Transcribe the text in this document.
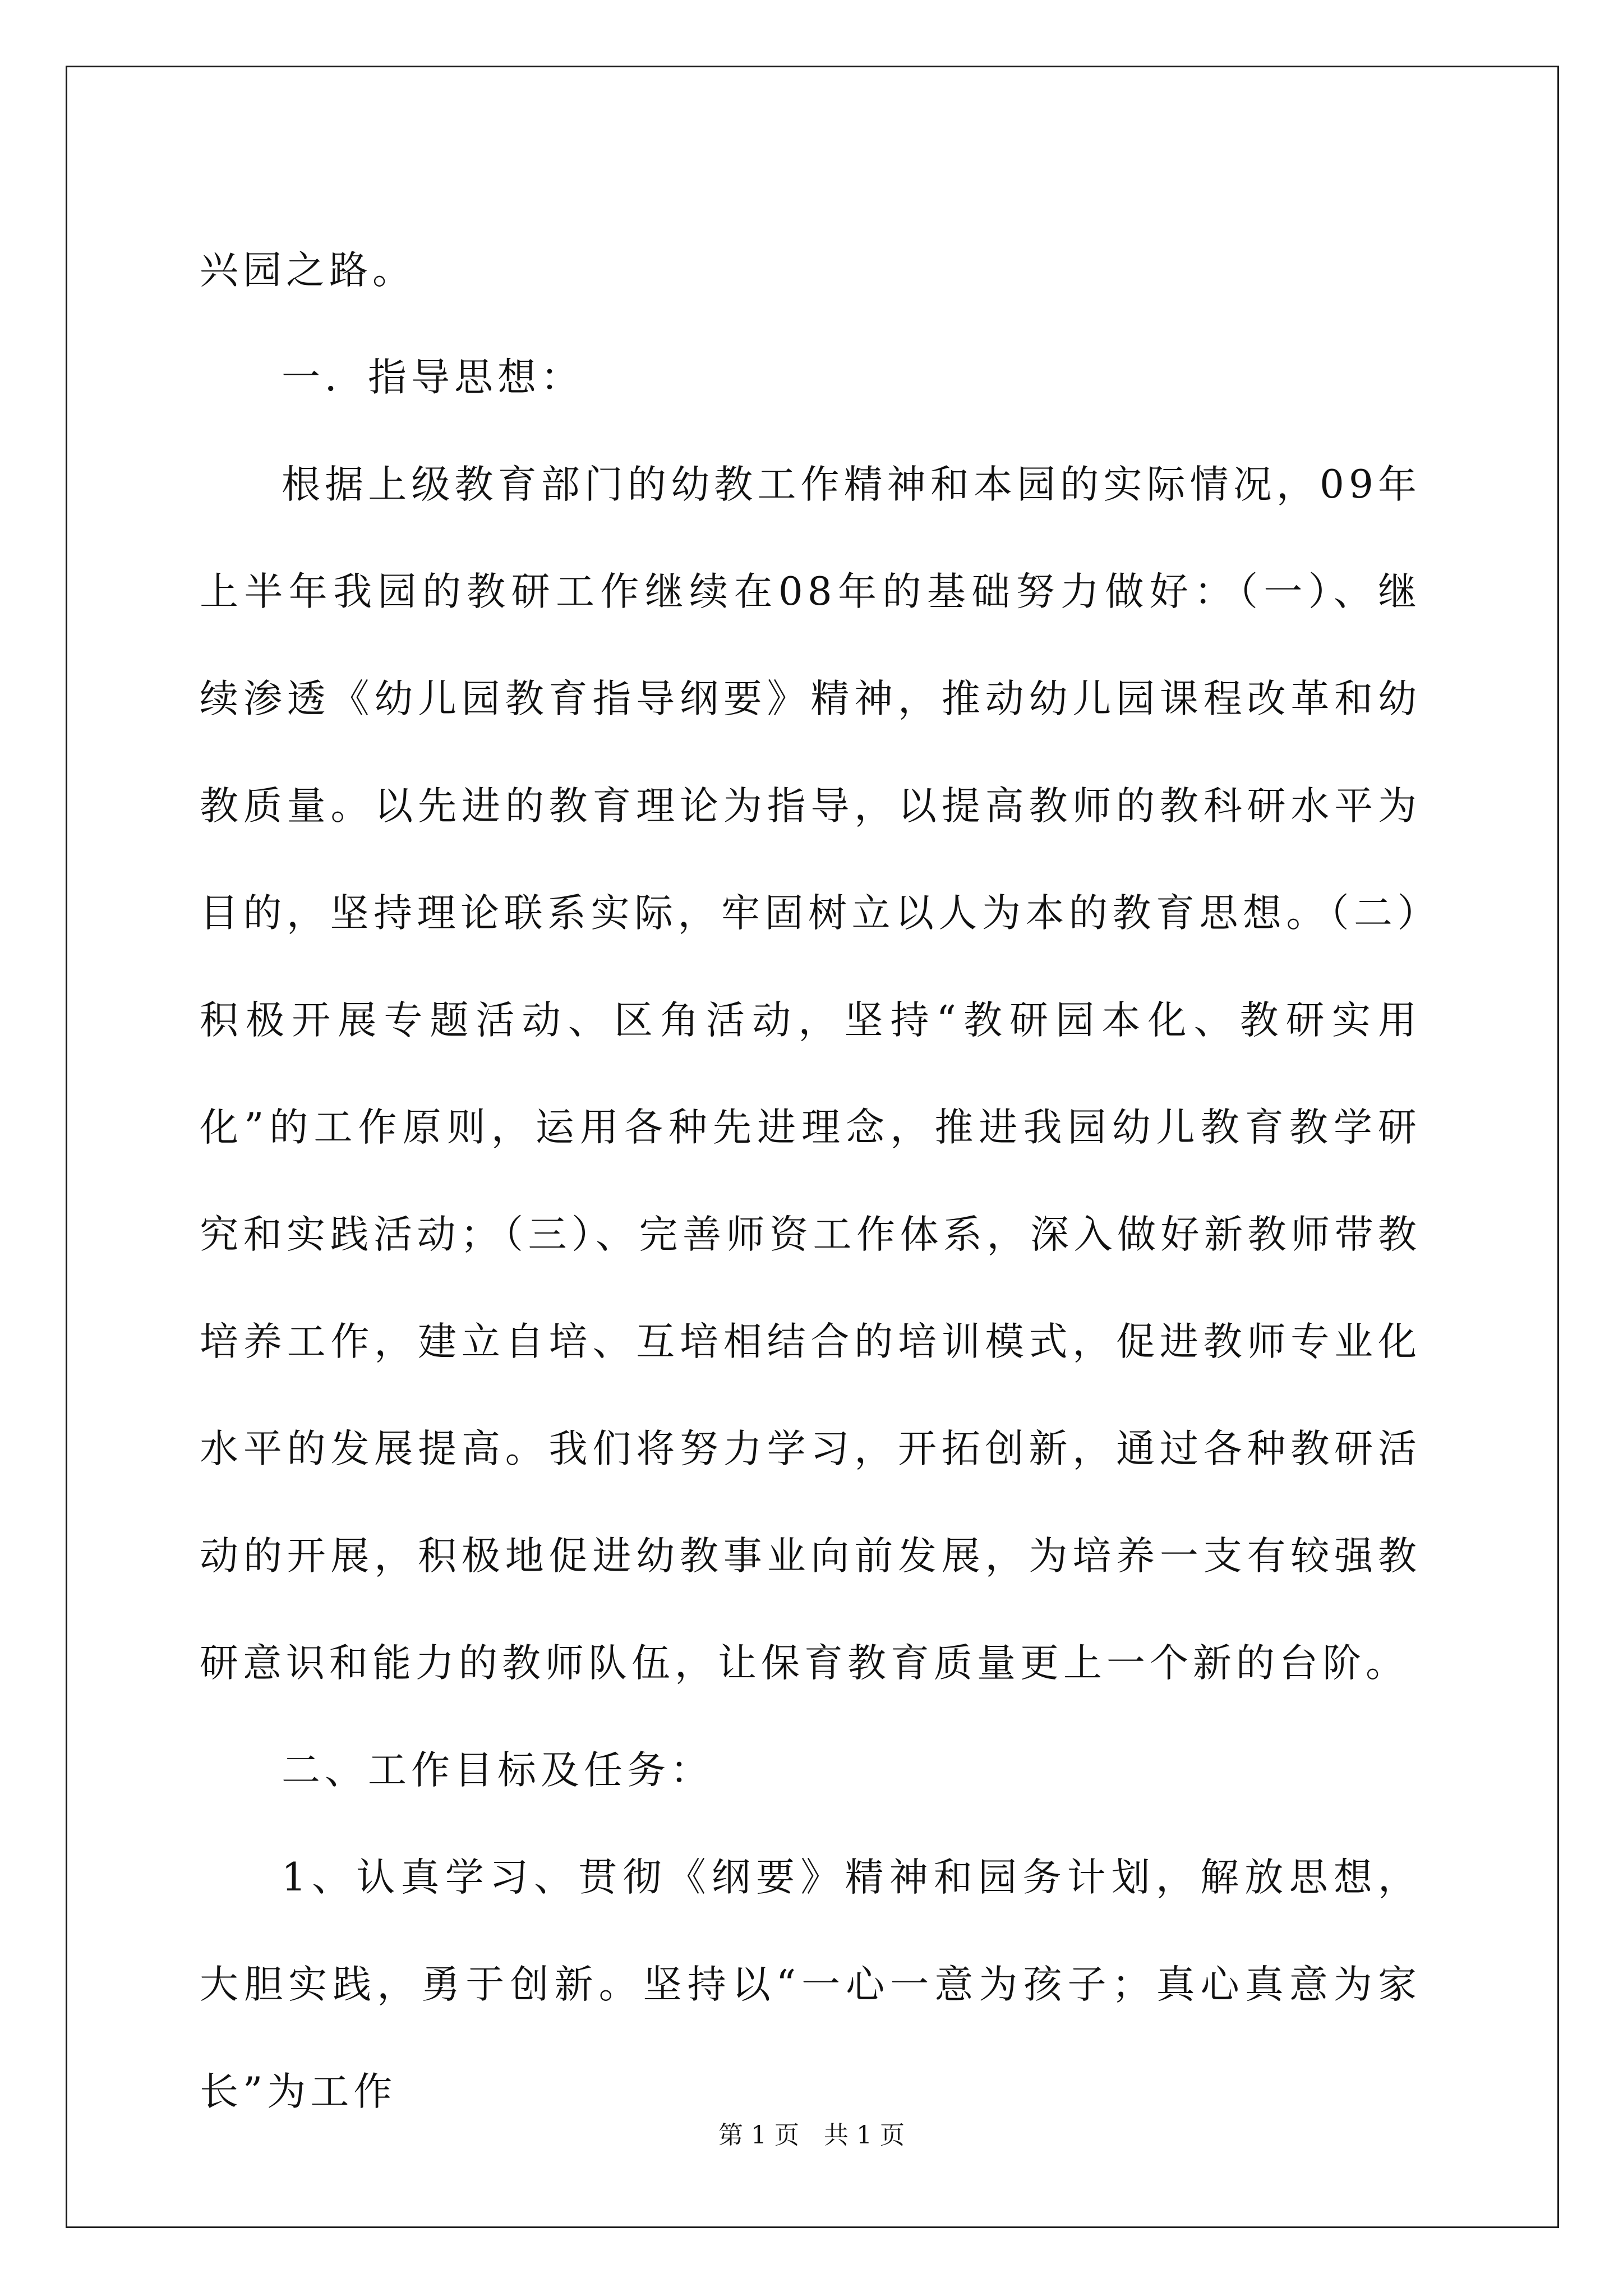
兴园之路。

一．指导思想：

根据上级教育部门的幼教工作精神和本园的实际情况，09年上半年我园的教研工作继续在08年的基础努力做好：（一）、继续渗透《幼儿园教育指导纲要》精神，推动幼儿园课程改革和幼教质量。以先进的教育理论为指导，以提高教师的教科研水平为目的，坚持理论联系实际，牢固树立以人为本的教育思想。（二）积极开展专题活动、区角活动，坚持“教研园本化、教研实用化”的工作原则，运用各种先进理念，推进我园幼儿教育教学研究和实践活动；（三）、完善师资工作体系，深入做好新教师带教培养工作，建立自培、互培相结合的培训模式，促进教师专业化水平的发展提高。我们将努力学习，开拓创新，通过各种教研活动的开展，积极地促进幼教事业向前发展，为培养一支有较强教研意识和能力的教师队伍，让保育教育质量更上一个新的台阶。

二、工作目标及任务：

1、认真学习、贯彻《纲要》精神和园务计划，解放思想，大胆实践，勇于创新。坚持以“一心一意为孩子；真心真意为家长”为工作

第 1 页　共 1 页
